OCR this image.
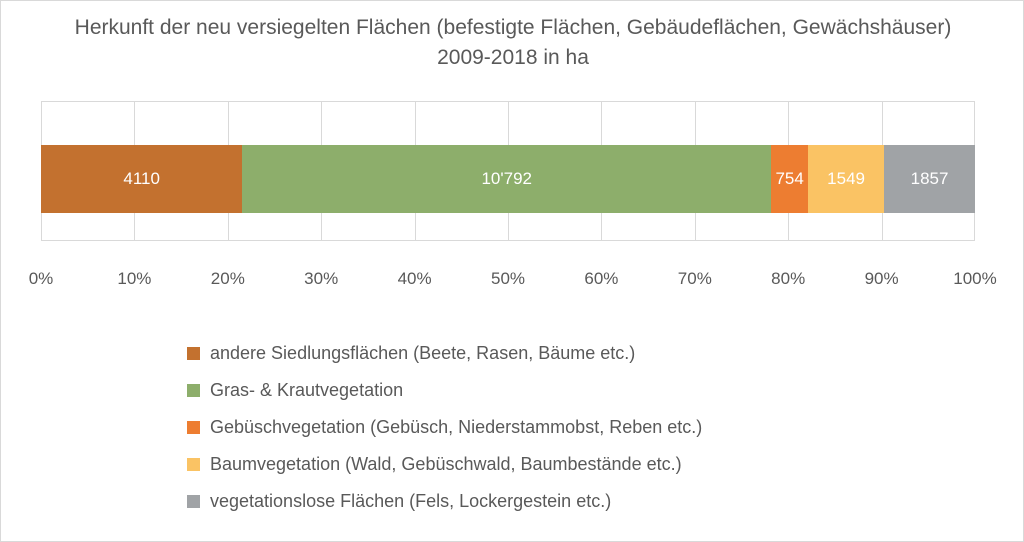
Herkunft der neu versiegelten Flächen (befestigte Flächen, Gebäudeflächen, Gewächshäuser) 2009-2018 in ha
4110	10'792	754 1549	1857
0%	10%	20%	30%	40%	50%	60%	70%	80%	90%	100%
andere Siedlungsflächen (Beete, Rasen, Bäume etc.)
Gras- & Krautvegetation
Gebüschvegetation (Gebüsch, Niederstammobst, Reben etc.)
Baumvegetation (Wald, Gebüschwald, Baumbestände etc.)
vegetationslose Flächen (Fels, Lockergestein etc.)
